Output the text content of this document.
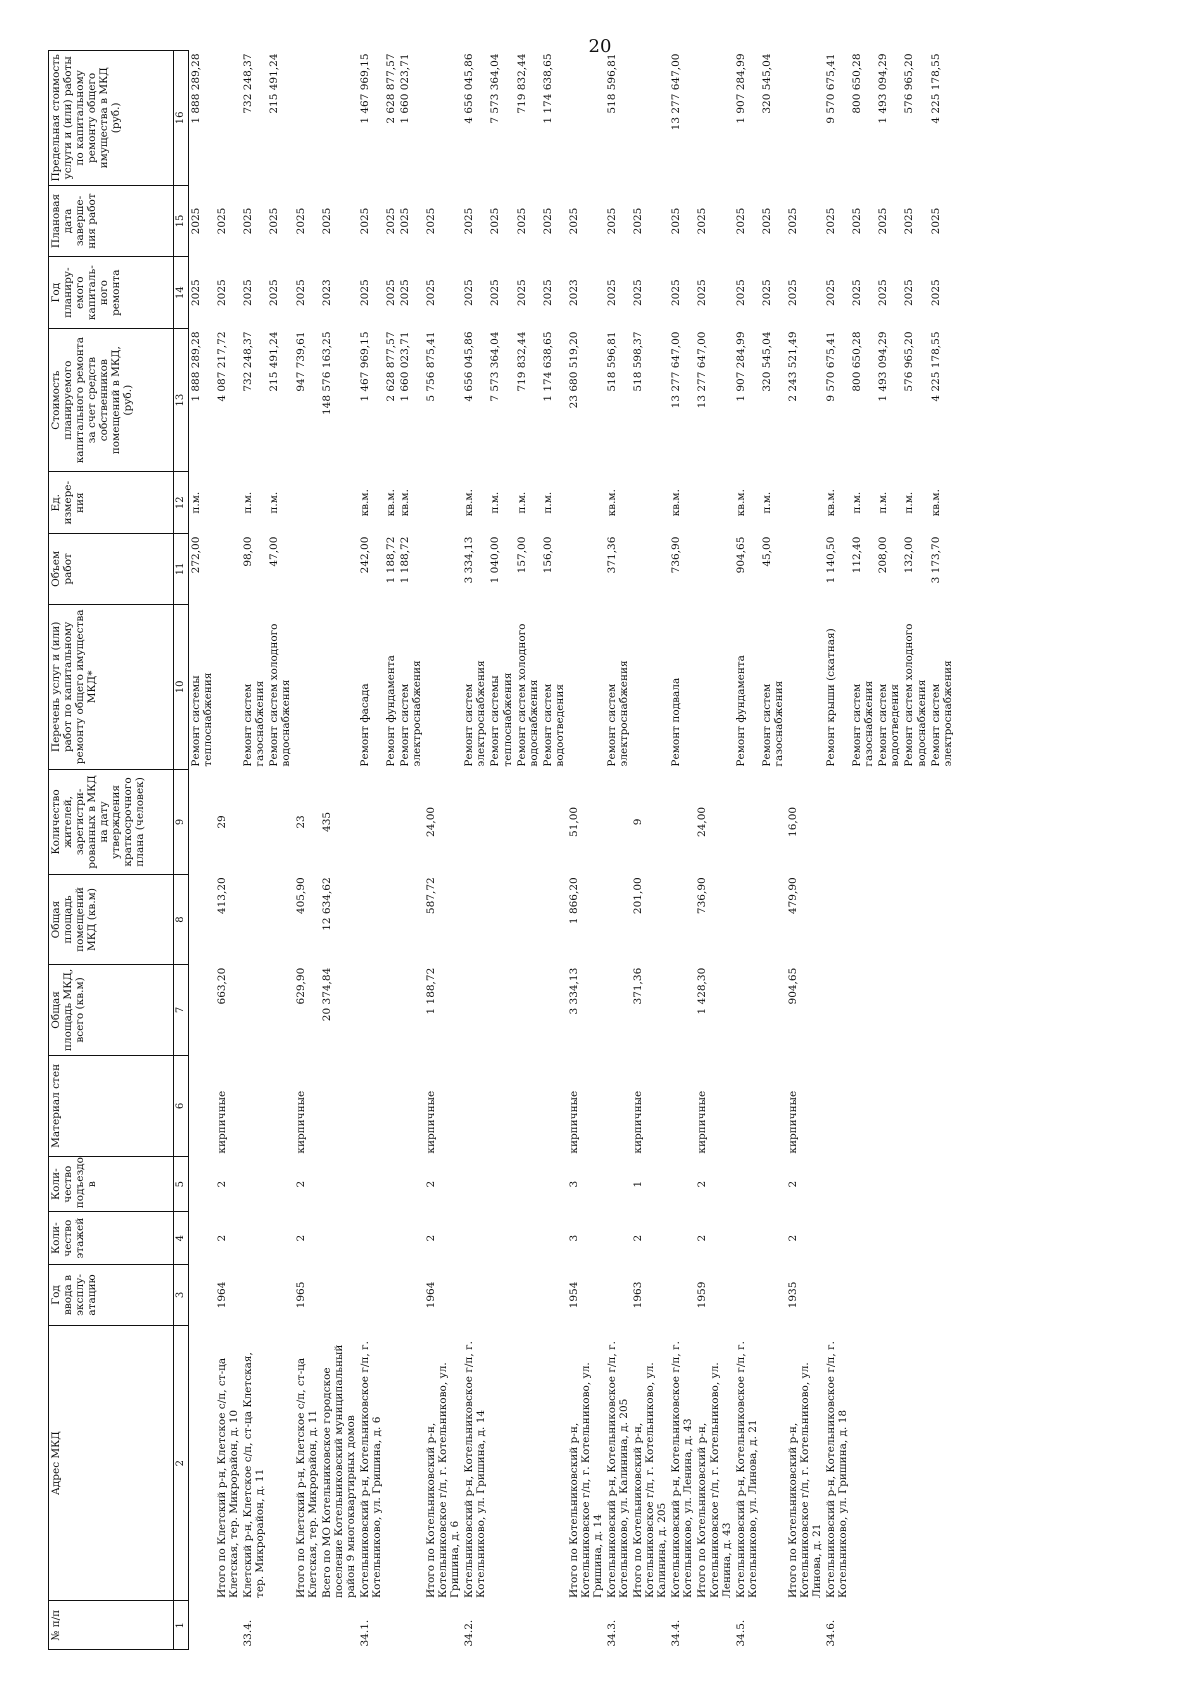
20
№ п/п	Адрес МКД	Год ввода в эксплу-атацию	Коли-чество этажей	Коли-чество подъездо в	Материал стен	Общая площадь МКД, всего (кв.м)	Общая площадь помещений МКД (кв.м)	Количество жителей, зарегистри-рованных в МКД на дату утверждения краткосрочного плана (человек)	Перечень услуг и (или) работ по капитальному ремонту общего имущества МКД*	Объем работ	Ед. измере-ния	Стоимость планируемого капитального ремонта за счет средств собственников помещений в МКД, (руб.)	Год планиру-емого капиталь-ного ремонта	Плановая дата заверше-ния работ	Предельная стоимость услуги и (или) работы по капитальному ремонту общего имущества в МКД (руб.)
1	2	3	4	5	6	7	8	9	10	11	12	13	14	15	16
									Ремонт системы теплоснабжения	272,00	п.м.	1 888 289,28	2025	2025	1 888 289,28
	Итого по Клетский р-н, Клетское с/п, ст-ца Клетская, тер. Микрорайон, д. 10	1964	2	2	кирпичные	663,20	413,20	29				4 087 217,72	2025	2025	
33.4.	Клетский р-н, Клетское с/п, ст-ца Клетская, тер. Микрорайон, д. 11								Ремонт систем газоснабжения	98,00	п.м.	732 248,37	2025	2025	732 248,37
									Ремонт систем холодного водоснабжения	47,00	п.м.	215 491,24	2025	2025	215 491,24
	Итого по Клетский р-н, Клетское с/п, ст-ца Клетская, тер. Микрорайон, д. 11	1965	2	2	кирпичные	629,90	405,90	23				947 739,61	2025	2025	
	Всего по МО Котельниковское городское поселение Котельниковский муниципальный район 9 многоквартирных домов					20 374,84	12 634,62	435				148 576 163,25	2023	2025	
34.1.	Котельниковский р-н, Котельниковское г/п, г. Котельниково, ул. Гришина, д. 6								Ремонт фасада	242,00	кв.м.	1 467 969,15	2025	2025	1 467 969,15
									Ремонт фундамента	1 188,72	кв.м.	2 628 877,57	2025	2025	2 628 877,57
									Ремонт систем электроснабжения	1 188,72	кв.м.	1 660 023,71	2025	2025	1 660 023,71
	Итого по Котельниковский р-н, Котельниковское г/п, г. Котельниково, ул. Гришина, д. 6	1964	2	2	кирпичные	1 188,72	587,72	24,00				5 756 875,41	2025	2025	
34.2.	Котельниковский р-н, Котельниковское г/п, г. Котельниково, ул. Гришина, д. 14								Ремонт систем электроснабжения	3 334,13	кв.м.	4 656 045,86	2025	2025	4 656 045,86
									Ремонт системы теплоснабжения	1 040,00	п.м.	7 573 364,04	2025	2025	7 573 364,04
									Ремонт систем холодного водоснабжения	157,00	п.м.	719 832,44	2025	2025	719 832,44
									Ремонт систем водоотведения	156,00	п.м.	1 174 638,65	2025	2025	1 174 638,65
	Итого по Котельниковский р-н, Котельниковское г/п, г. Котельниково, ул. Гришина, д. 14	1954	3	3	кирпичные	3 334,13	1 866,20	51,00				23 680 519,20	2023	2025	
34.3.	Котельниковский р-н, Котельниковское г/п, г. Котельниково, ул. Калинина, д. 205								Ремонт систем электроснабжения	371,36	кв.м.	518 596,81	2025	2025	518 596,81
	Итого по Котельниковский р-н, Котельниковское г/п, г. Котельниково, ул. Калинина, д. 205	1963	2	1	кирпичные	371,36	201,00	9				518 598,37	2025	2025	
34.4.	Котельниковский р-н, Котельниковское г/п, г. Котельниково, ул. Ленина, д. 43								Ремонт подвала	736,90	кв.м.	13 277 647,00	2025	2025	13 277 647,00
	Итого по Котельниковский р-н, Котельниковское г/п, г. Котельниково, ул. Ленина, д. 43	1959	2	2	кирпичные	1 428,30	736,90	24,00				13 277 647,00	2025	2025	
34.5.	Котельниковский р-н, Котельниковское г/п, г. Котельниково, ул. Линова, д. 21								Ремонт фундамента	904,65	кв.м.	1 907 284,99	2025	2025	1 907 284,99
									Ремонт систем газоснабжения	45,00	п.м.	320 545,04	2025	2025	320 545,04
	Итого по Котельниковский р-н, Котельниковское г/п, г. Котельниково, ул. Линова, д. 21	1935	2	2	кирпичные	904,65	479,90	16,00				2 243 521,49	2025	2025	
34.6.	Котельниковский р-н, Котельниковское г/п, г. Котельниково, ул. Гришина, д. 18								Ремонт крыши (скатная)	1 140,50	кв.м.	9 570 675,41	2025	2025	9 570 675,41
									Ремонт систем газоснабжения	112,40	п.м.	800 650,28	2025	2025	800 650,28
									Ремонт систем водоотведения	208,00	п.м.	1 493 094,29	2025	2025	1 493 094,29
									Ремонт систем холодного водоснабжения	132,00	п.м.	576 965,20	2025	2025	576 965,20
									Ремонт систем электроснабжения	3 173,70	кв.м.	4 225 178,55	2025	2025	4 225 178,55
